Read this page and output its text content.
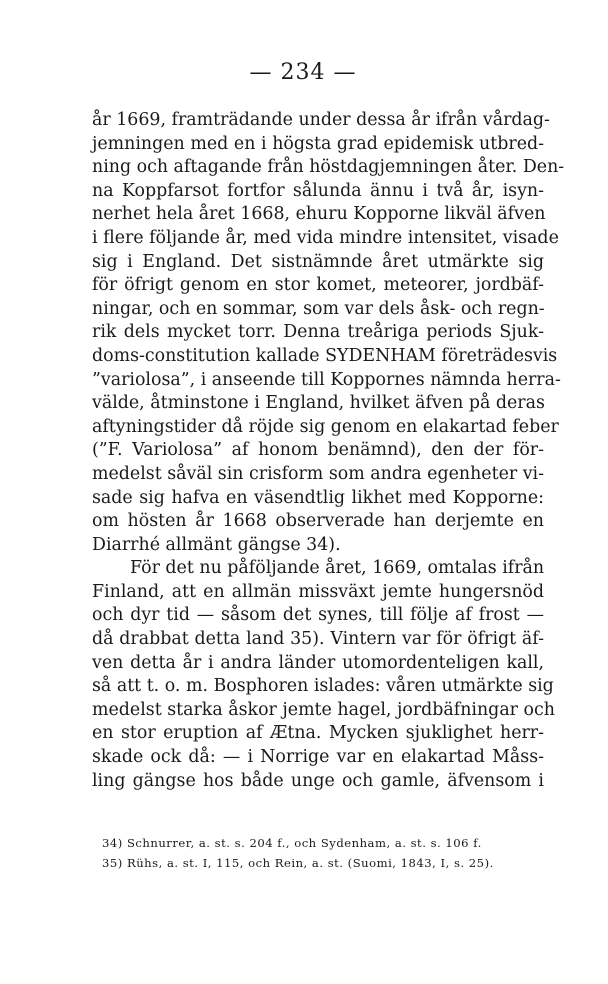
— 234 —
år 1669, framträdande under dessa år ifrån vårdag-
jemningen med en i högsta grad epidemisk utbred-
ning och aftagande från höstdagjemningen åter. Den-
na Koppfarsot fortfor sålunda ännu i två år, isyn-
nerhet hela året 1668, ehuru Kopporne likväl äfven
i flere följande år, med vida mindre intensitet, visade
sig i England. Det sistnämnde året utmärkte sig
för öfrigt genom en stor komet, meteorer, jordbäf-
ningar, och en sommar, som var dels åsk- och regn-
rik dels mycket torr. Denna treåriga periods Sjuk-
doms-constitution kallade SYDENHAM företrädesvis
”variolosa”, i anseende till Koppornes nämnda herra-
välde, åtminstone i England, hvilket äfven på deras
aftyningstider då röjde sig genom en elakartad feber
(”F. Variolosa” af honom benämnd), den der för-
medelst såväl sin crisform som andra egenheter vi-
sade sig hafva en väsendtlig likhet med Kopporne:
om hösten år 1668 observerade han derjemte en
Diarrhé allmänt gängse 34).
För det nu påföljande året, 1669, omtalas ifrån
Finland, att en allmän missväxt jemte hungersnöd
och dyr tid — såsom det synes, till följe af frost —
då drabbat detta land 35). Vintern var för öfrigt äf-
ven detta år i andra länder utomordenteligen kall,
så att t. o. m. Bosphoren islades: våren utmärkte sig
medelst starka åskor jemte hagel, jordbäfningar och
en stor eruption af Ætna. Mycken sjuklighet herr-
skade ock då: — i Norrige var en elakartad Måss-
ling gängse hos både unge och gamle, äfvensom i
34) Schnurrer, a. st. s. 204 f., och Sydenham, a. st. s. 106 f.
35) Rühs, a. st. I, 115, och Rein, a. st. (Suomi, 1843, I, s. 25).
